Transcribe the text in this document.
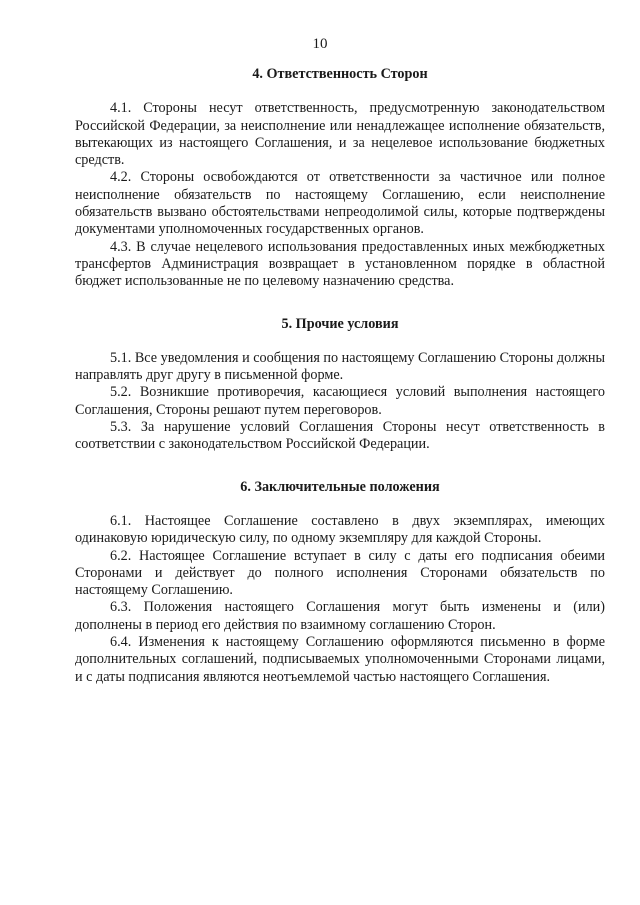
10

4. Ответственность Сторон

4.1. Стороны несут ответственность, предусмотренную законодательством Российской Федерации, за неисполнение или ненадлежащее исполнение обязательств, вытекающих из настоящего Соглашения, и за нецелевое использование бюджетных средств.

4.2. Стороны освобождаются от ответственности за частичное или полное неисполнение обязательств по настоящему Соглашению, если неисполнение обязательств вызвано обстоятельствами непреодолимой силы, которые подтверждены документами уполномоченных государственных органов.

4.3. В случае нецелевого использования предоставленных иных межбюджетных трансфертов Администрация возвращает в установленном порядке в областной бюджет использованные не по целевому назначению средства.

5. Прочие условия

5.1. Все уведомления и сообщения по настоящему Соглашению Стороны должны направлять друг другу в письменной форме.

5.2. Возникшие противоречия, касающиеся условий выполнения настоящего Соглашения, Стороны решают путем переговоров.

5.3. За нарушение условий Соглашения Стороны несут ответственность в соответствии с законодательством Российской Федерации.

6. Заключительные положения

6.1. Настоящее Соглашение составлено в двух экземплярах, имеющих одинаковую юридическую силу, по одному экземпляру для каждой Стороны.

6.2. Настоящее Соглашение вступает в силу с даты его подписания обеими Сторонами и действует до полного исполнения Сторонами обязательств по настоящему Соглашению.

6.3. Положения настоящего Соглашения могут быть изменены и (или) дополнены в период его действия по взаимному соглашению Сторон.

6.4. Изменения к настоящему Соглашению оформляются письменно в форме дополнительных соглашений, подписываемых уполномоченными Сторонами лицами, и с даты подписания являются неотъемлемой частью настоящего Соглашения.
